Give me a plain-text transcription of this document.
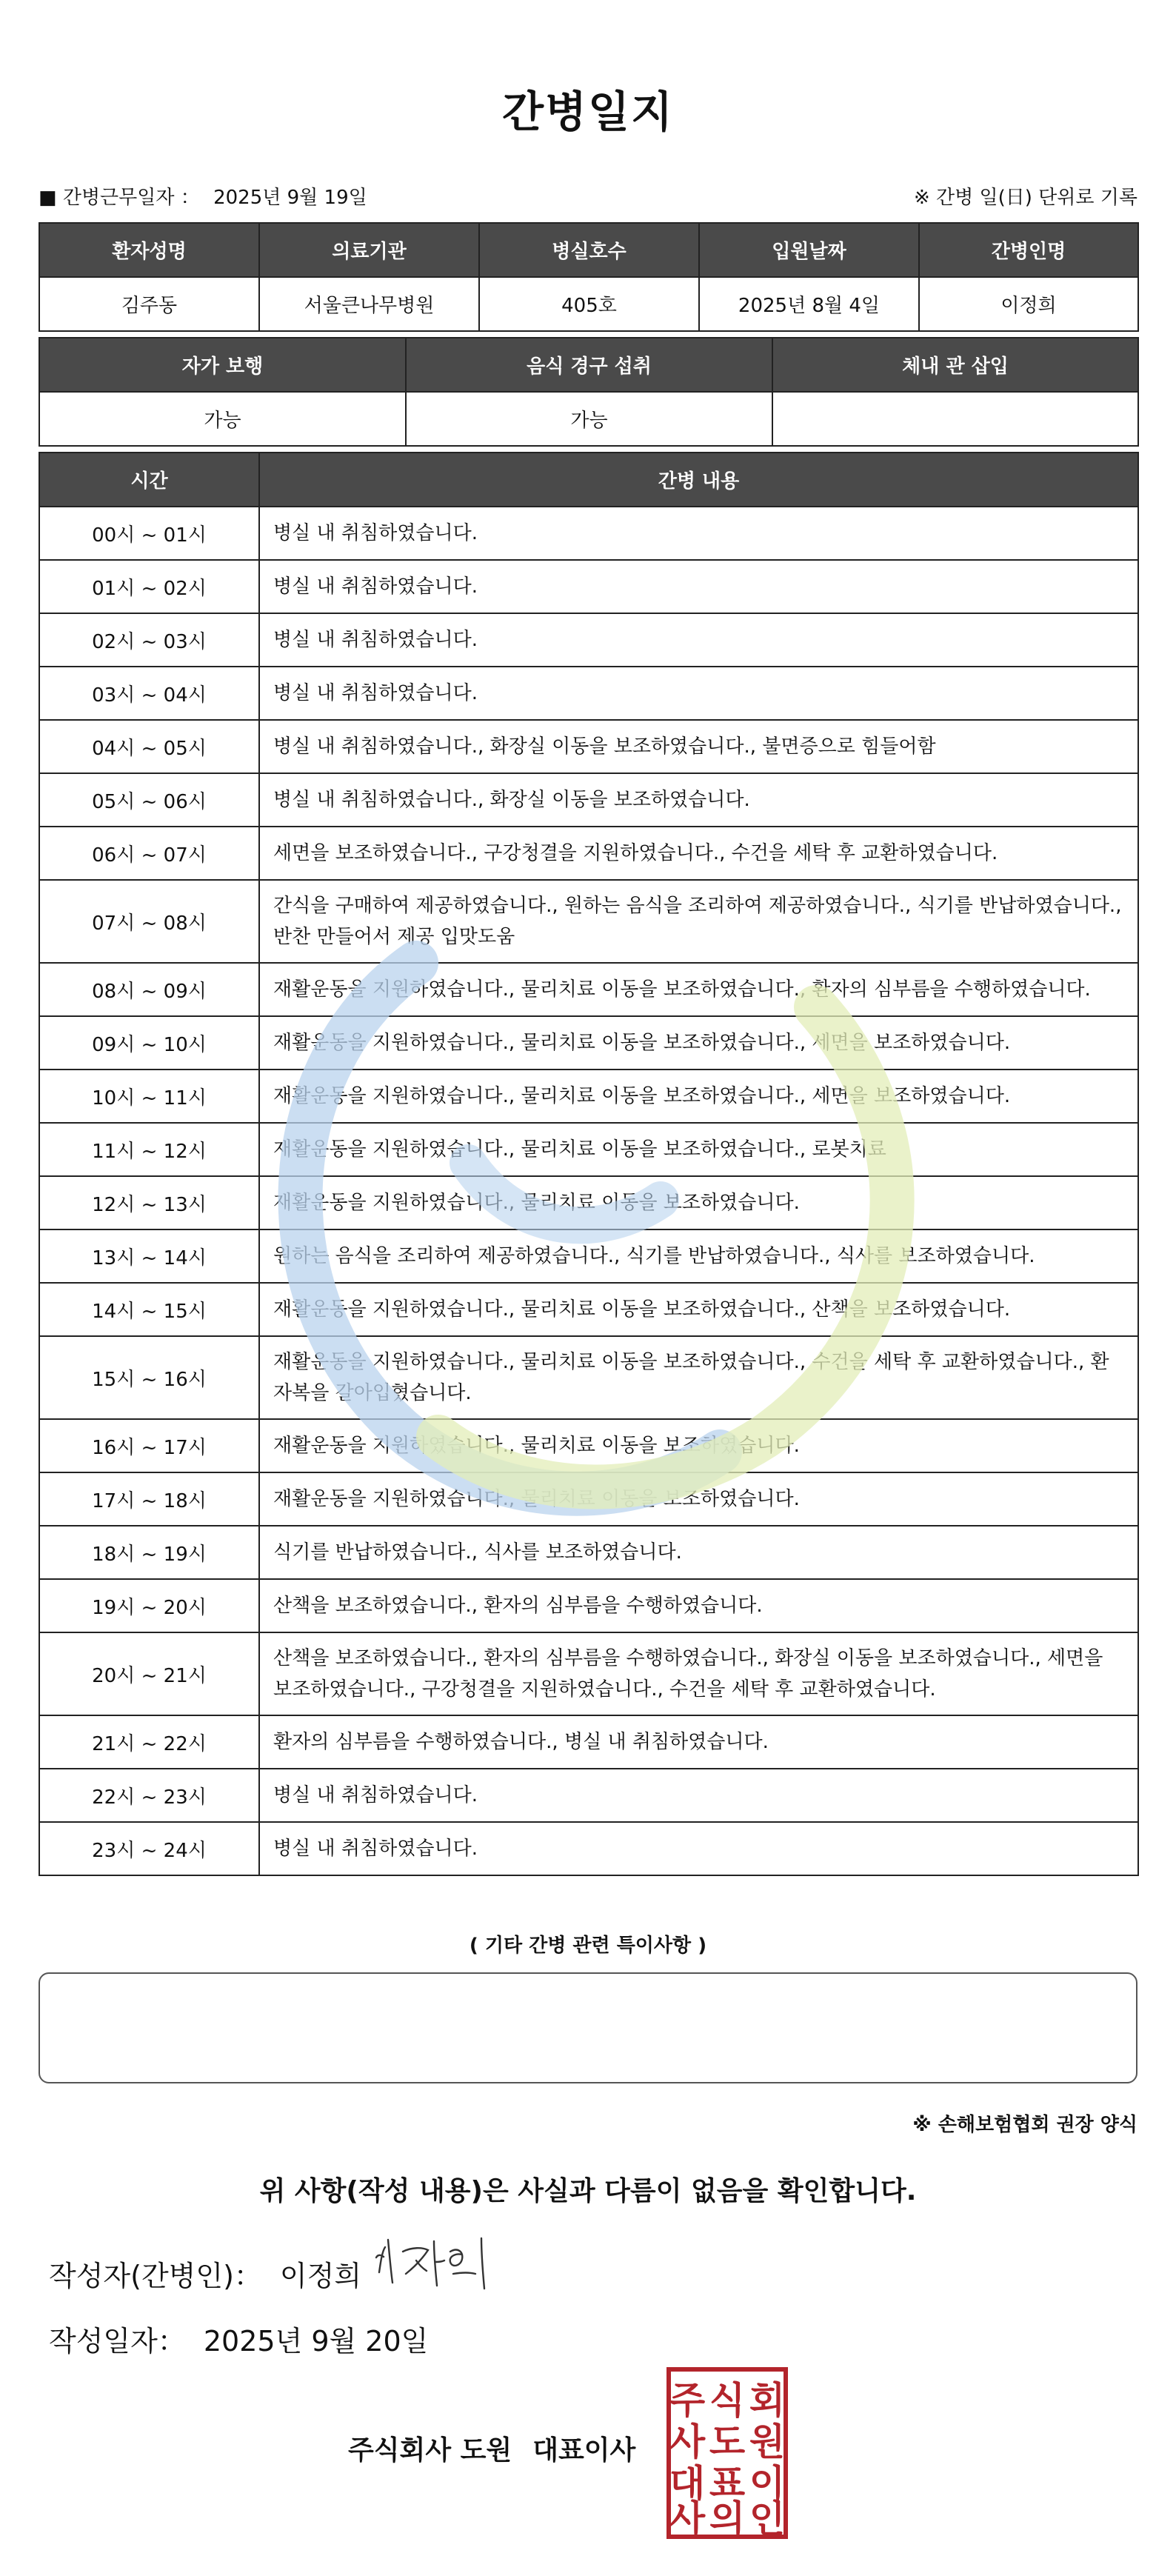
간병일지
■ 간병근무일자 ： 2025년 9월 19일	※ 간병 일(日) 단위로 기록
환자성명	의료기관	병실호수	입원날짜	간병인명
김주동	서울큰나무병원	405호	2025년 8월 4일	이정희
자가 보행	음식 경구 섭취	체내 관 삽입
가능	가능	
시간	간병 내용
00시 ~ 01시	병실 내 취침하였습니다.
01시 ~ 02시	병실 내 취침하였습니다.
02시 ~ 03시	병실 내 취침하였습니다.
03시 ~ 04시	병실 내 취침하였습니다.
04시 ~ 05시	병실 내 취침하였습니다., 화장실 이동을 보조하였습니다., 불면증으로 힘들어함
05시 ~ 06시	병실 내 취침하였습니다., 화장실 이동을 보조하였습니다.
06시 ~ 07시	세면을 보조하였습니다., 구강청결을 지원하였습니다., 수건을 세탁 후 교환하였습니다.
07시 ~ 08시	간식을 구매하여 제공하였습니다., 원하는 음식을 조리하여 제공하였습니다., 식기를 반납하였습니다., 반찬 만들어서 제공 입맛도움
08시 ~ 09시	재활운동을 지원하였습니다., 물리치료 이동을 보조하였습니다., 환자의 심부름을 수행하였습니다.
09시 ~ 10시	재활운동을 지원하였습니다., 물리치료 이동을 보조하였습니다., 세면을 보조하였습니다.
10시 ~ 11시	재활운동을 지원하였습니다., 물리치료 이동을 보조하였습니다., 세면을 보조하였습니다.
11시 ~ 12시	재활운동을 지원하였습니다., 물리치료 이동을 보조하였습니다., 로봇치료
12시 ~ 13시	재활운동을 지원하였습니다., 물리치료 이동을 보조하였습니다.
13시 ~ 14시	원하는 음식을 조리하여 제공하였습니다., 식기를 반납하였습니다., 식사를 보조하였습니다.
14시 ~ 15시	재활운동을 지원하였습니다., 물리치료 이동을 보조하였습니다., 산책을 보조하였습니다.
15시 ~ 16시	재활운동을 지원하였습니다., 물리치료 이동을 보조하였습니다., 수건을 세탁 후 교환하였습니다., 환자복을 갈아입혔습니다.
16시 ~ 17시	재활운동을 지원하였습니다., 물리치료 이동을 보조하였습니다.
17시 ~ 18시	재활운동을 지원하였습니다., 물리치료 이동을 보조하였습니다.
18시 ~ 19시	식기를 반납하였습니다., 식사를 보조하였습니다.
19시 ~ 20시	산책을 보조하였습니다., 환자의 심부름을 수행하였습니다.
20시 ~ 21시	산책을 보조하였습니다., 환자의 심부름을 수행하였습니다., 화장실 이동을 보조하였습니다., 세면을 보조하였습니다., 구강청결을 지원하였습니다., 수건을 세탁 후 교환하였습니다.
21시 ~ 22시	환자의 심부름을 수행하였습니다., 병실 내 취침하였습니다.
22시 ~ 23시	병실 내 취침하였습니다.
23시 ~ 24시	병실 내 취침하였습니다.
( 기타 간병 관련 특이사항 )
※ 손해보험협회 권장 양식
위 사항(작성 내용)은 사실과 다름이 없음을 확인합니다.
작성자(간병인)： 이정희
작성일자： 2025년 9월 20일
주식회사 도원 대표이사
주 식 회
사 도 원
대 표 이
사 의 인
